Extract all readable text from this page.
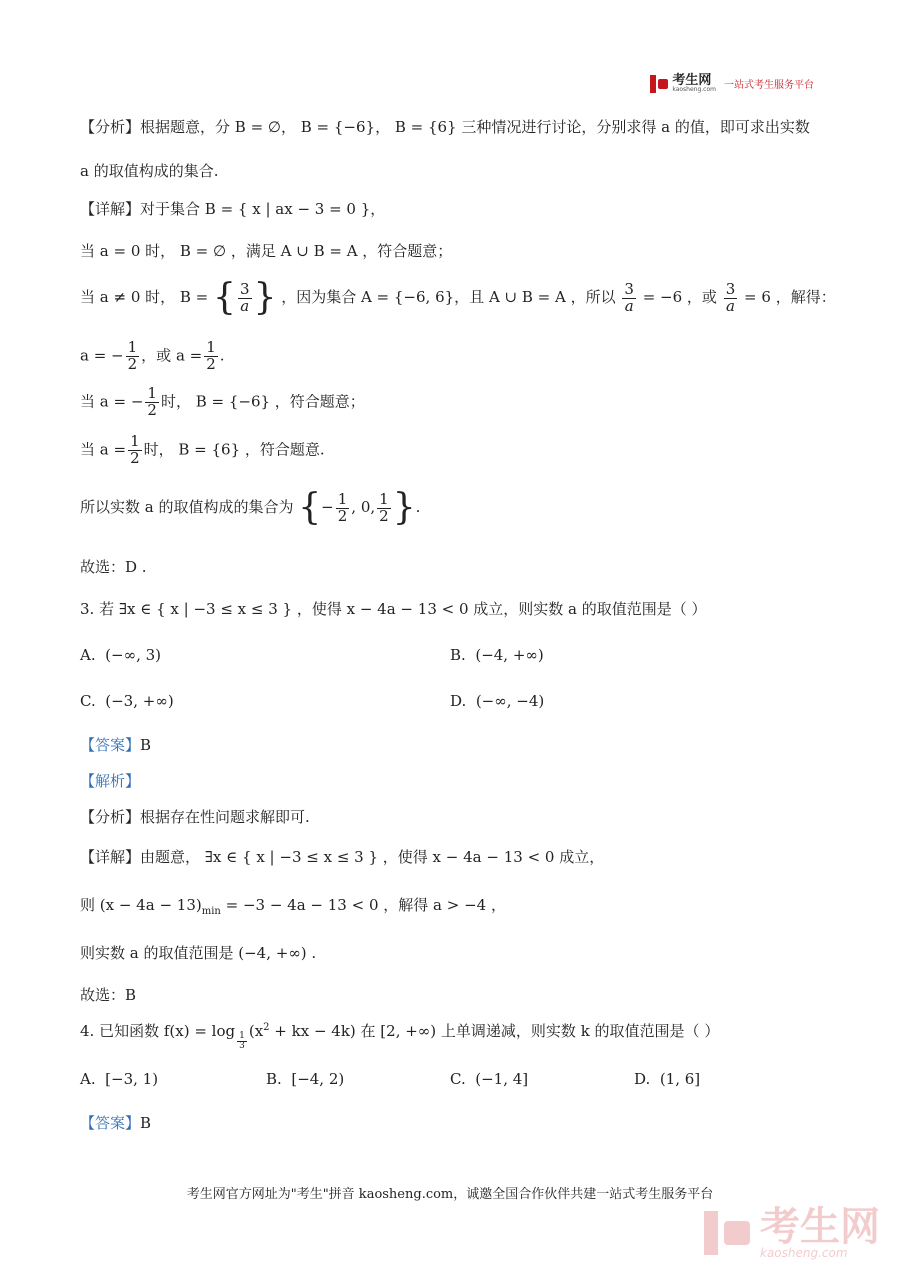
考生网
kaosheng.com 一站式考生服务平台
【分析】根据题意，分 B = ∅， B = {−6}， B = {6} 三种情况进行讨论，分别求得 a 的值，即可求出实数
a 的取值构成的集合.
【详解】对于集合 B = { x | ax − 3 = 0 }，
当 a = 0 时， B = ∅ ，满足 A ∪ B = A ，符合题意；
当 a ≠ 0 时， B = { $\frac{3}{a}$ } ，因为集合 A = {−6, 6}，且 A ∪ B = A ，所以 $\frac{3}{a} = -6$ ，或 $\frac{3}{a} = 6$ ，解得：
a = − $\frac{1}{2}$ ，或 $a = \frac{1}{2}$ .
当 a = − $\frac{1}{2}$ 时， B = {−6} ，符合题意；
当 $a = \frac{1}{2}$ 时， B = {6} ，符合题意.
所以实数 a 的取值构成的集合为 {− $\frac{1}{2}$ , 0, $\frac{1}{2}$ }.
故选：D .
3. 若 ∃x ∈ { x | −3 ≤ x ≤ 3 } ，使得 x − 4a − 13 < 0 成立，则实数 a 的取值范围是（ ）
A. (−∞, 3)	B. (−4, +∞)
C. (−3, +∞)	D. (−∞, −4)
【答案】B
【解析】
【分析】根据存在性问题求解即可.
【详解】由题意， ∃x ∈ { x | −3 ≤ x ≤ 3 } ，使得 x − 4a − 13 < 0 成立，
则 $(x - 4a - 13)_{min} = -3 - 4a - 13 < 0$ ，解得 a > −4 ，
则实数 a 的取值范围是 (−4, +∞) .
故选：B
4. 已知函数 f(x) = log
$\frac{1}{3}$
($x^2$ + kx − 4k) 在 [2, +∞) 上单调递减，则实数 k 的取值范围是（ ）
A. [−3, 1)	B. [−4, 2)	C. (−1, 4]	D. (1, 6]
【答案】B
考生网官方网址为"考生"拼音 kaosheng.com，诚邀全国合作伙伴共建一站式考生服务平台
考生网
kaosheng.com
